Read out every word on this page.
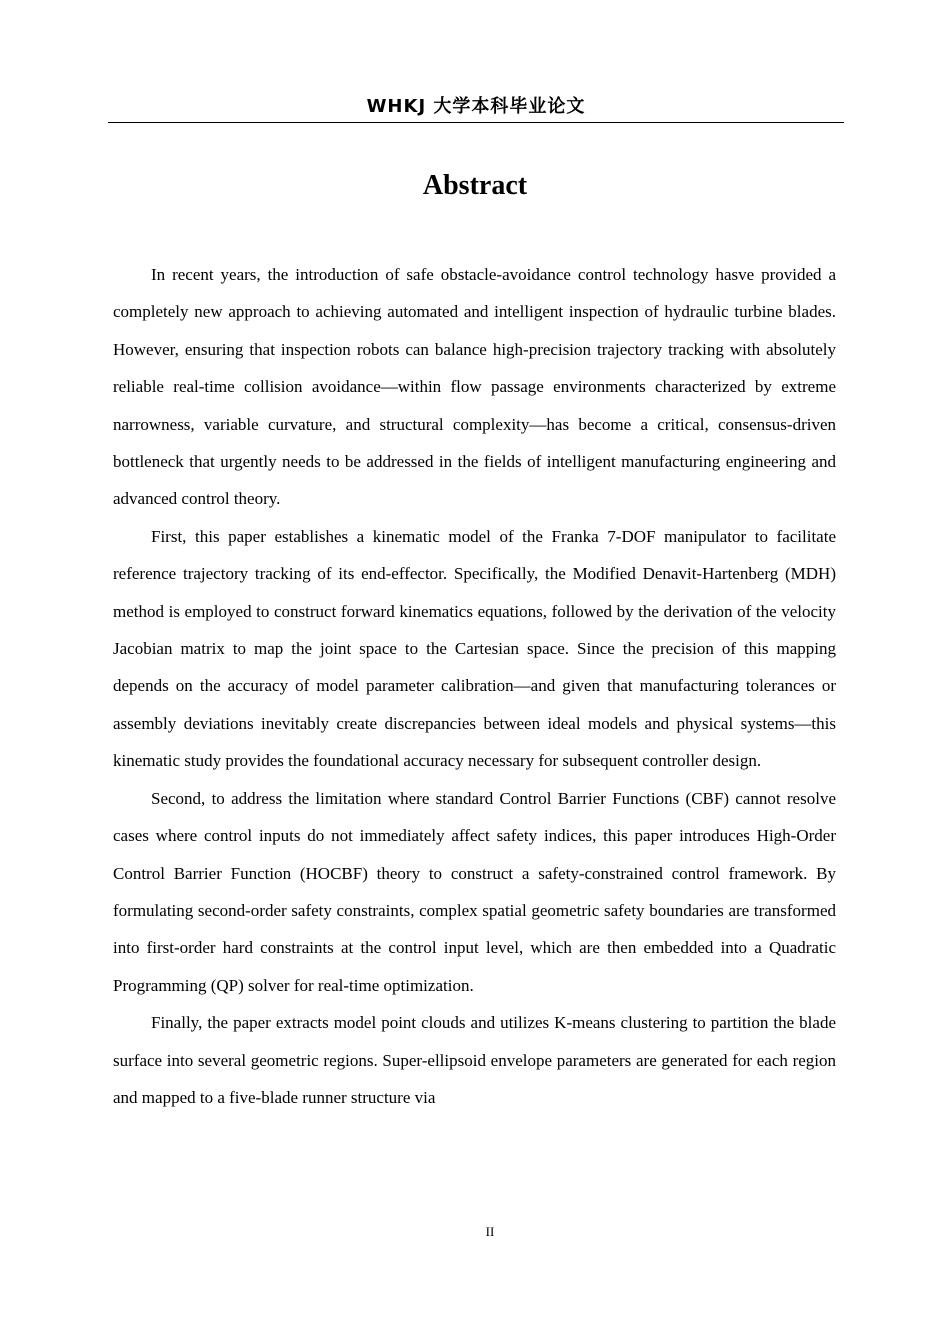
WHKJ 大学本科毕业论文
Abstract

In recent years, the introduction of safe obstacle-avoidance control technology hasve provided a completely new approach to achieving automated and intelligent inspection of hydraulic turbine blades. However, ensuring that inspection robots can balance high-precision trajectory tracking with absolutely reliable real-time collision avoidance—within flow passage environments characterized by extreme narrowness, variable curvature, and structural complexity—has become a critical, consensus-driven bottleneck that urgently needs to be addressed in the fields of intelligent manufacturing engineering and advanced control theory.

First, this paper establishes a kinematic model of the Franka 7-DOF manipulator to facilitate reference trajectory tracking of its end-effector. Specifically, the Modified Denavit-Hartenberg (MDH) method is employed to construct forward kinematics equations, followed by the derivation of the velocity Jacobian matrix to map the joint space to the Cartesian space. Since the precision of this mapping depends on the accuracy of model parameter calibration—and given that manufacturing tolerances or assembly deviations inevitably create discrepancies between ideal models and physical systems—this kinematic study provides the foundational accuracy necessary for subsequent controller design.

Second, to address the limitation where standard Control Barrier Functions (CBF) cannot resolve cases where control inputs do not immediately affect safety indices, this paper introduces High-Order Control Barrier Function (HOCBF) theory to construct a safety-constrained control framework. By formulating second-order safety constraints, complex spatial geometric safety boundaries are transformed into first-order hard constraints at the control input level, which are then embedded into a Quadratic Programming (QP) solver for real-time optimization.

Finally, the paper extracts model point clouds and utilizes K-means clustering to partition the blade surface into several geometric regions. Super-ellipsoid envelope parameters are generated for each region and mapped to a five-blade runner structure via

II
